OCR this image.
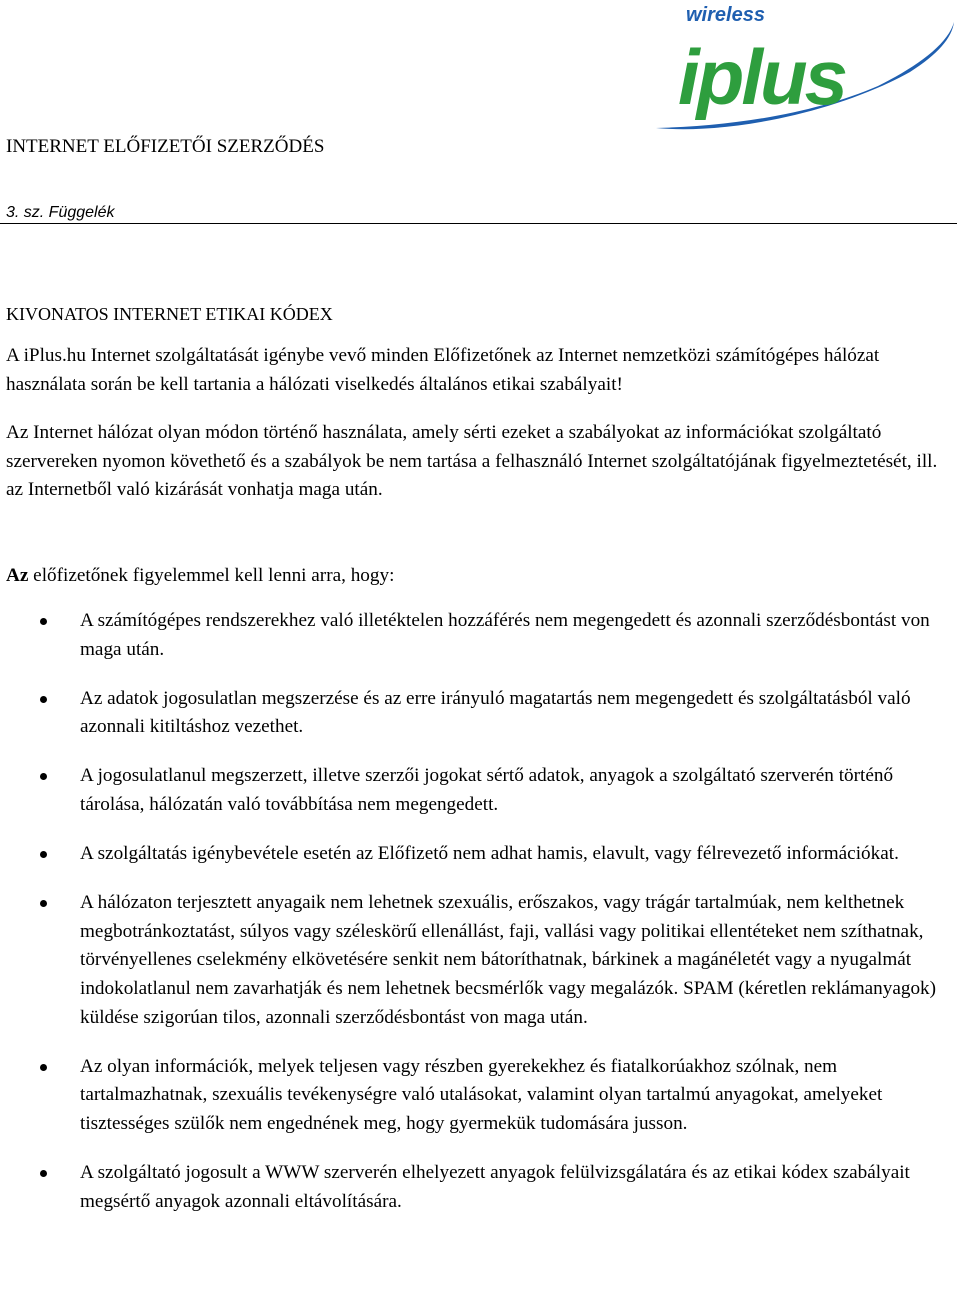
wireless
iplus
INTERNET ELŐFIZETŐI SZERZŐDÉS
3. sz. Függelék
KIVONATOS INTERNET ETIKAI KÓDEX

A iPlus.hu Internet szolgáltatását igénybe vevő minden Előfizetőnek az Internet nemzetközi számítógépes hálózat használata során be kell tartania a hálózati viselkedés általános etikai szabályait!

Az Internet hálózat olyan módon történő használata, amely sérti ezeket a szabályokat az információkat szolgáltató szervereken nyomon követhető és a szabályok be nem tartása a felhasználó Internet szolgáltatójának figyelmeztetését, ill. az Internetből való kizárását vonhatja maga után.

Az előfizetőnek figyelemmel kell lenni arra, hogy:

A számítógépes rendszerekhez való illetéktelen hozzáférés nem megengedett és azonnali szerződésbontást von maga után.
Az adatok jogosulatlan megszerzése és az erre irányuló magatartás nem megengedett és szolgáltatásból való azonnali kitiltáshoz vezethet.
A jogosulatlanul megszerzett, illetve szerzői jogokat sértő adatok, anyagok a szolgáltató szerverén történő tárolása, hálózatán való továbbítása nem megengedett.
A szolgáltatás igénybevétele esetén az Előfizető nem adhat hamis, elavult, vagy félrevezető információkat.
A hálózaton terjesztett anyagaik nem lehetnek szexuális, erőszakos, vagy trágár tartalmúak, nem kelthetnek megbotránkoztatást, súlyos vagy széleskörű ellenállást, faji, vallási vagy politikai ellentéteket nem szíthatnak, törvényellenes cselekmény elkövetésére senkit nem bátoríthatnak, bárkinek a magánéletét vagy a nyugalmát indokolatlanul nem zavarhatják és nem lehetnek becsmérlők vagy megalázók. SPAM (kéretlen reklámanyagok) küldése szigorúan tilos, azonnali szerződésbontást von maga után.
Az olyan információk, melyek teljesen vagy részben gyerekekhez és fiatalkorúakhoz szólnak, nem tartalmazhatnak, szexuális tevékenységre való utalásokat, valamint olyan tartalmú anyagokat, amelyeket tisztességes szülők nem engednének meg, hogy gyermekük tudomására jusson.
A szolgáltató jogosult a WWW szerverén elhelyezett anyagok felülvizsgálatára és az etikai kódex szabályait megsértő anyagok azonnali eltávolítására.
